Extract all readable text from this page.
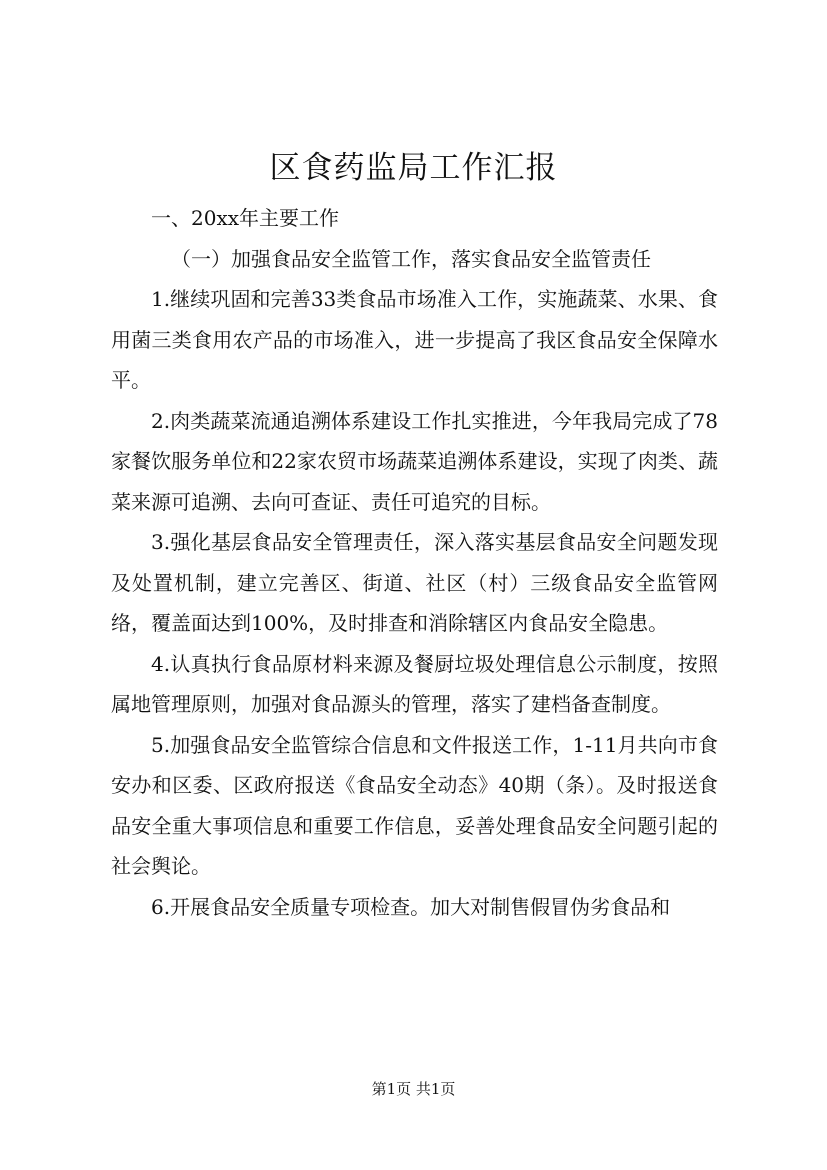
区食药监局工作汇报

一、20xx年主要工作

（一）加强食品安全监管工作，落实食品安全监管责任

1.继续巩固和完善33类食品市场准入工作，实施蔬菜、水果、食用菌三类食用农产品的市场准入，进一步提高了我区食品安全保障水平。

2.肉类蔬菜流通追溯体系建设工作扎实推进，今年我局完成了78家餐饮服务单位和22家农贸市场蔬菜追溯体系建设，实现了肉类、蔬菜来源可追溯、去向可查证、责任可追究的目标。

3.强化基层食品安全管理责任，深入落实基层食品安全问题发现及处置机制，建立完善区、街道、社区（村）三级食品安全监管网络，覆盖面达到100%，及时排查和消除辖区内食品安全隐患。

4.认真执行食品原材料来源及餐厨垃圾处理信息公示制度，按照属地管理原则，加强对食品源头的管理，落实了建档备查制度。

5.加强食品安全监管综合信息和文件报送工作，1-11月共向市食安办和区委、区政府报送《食品安全动态》40期（条）。及时报送食品安全重大事项信息和重要工作信息，妥善处理食品安全问题引起的社会舆论。

6.开展食品安全质量专项检查。加大对制售假冒伪劣食品和

第1页 共1页
